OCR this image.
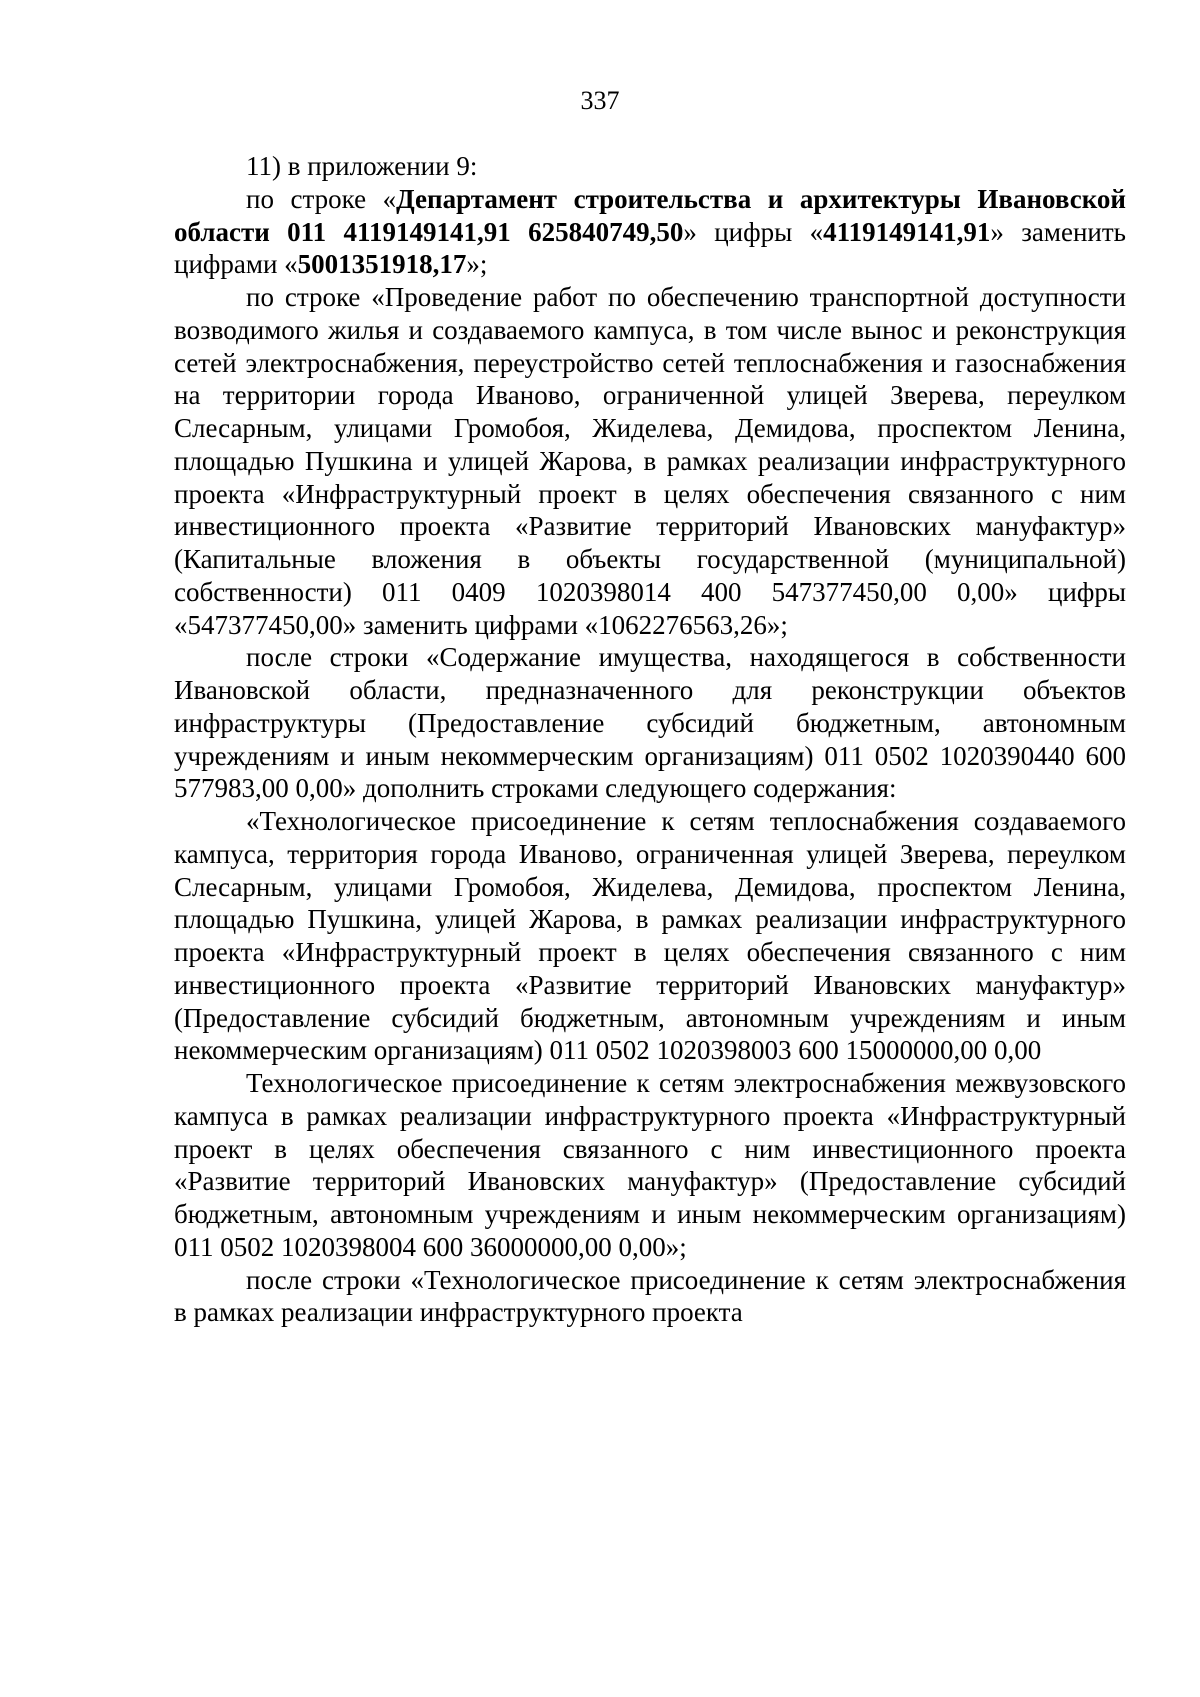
337

11) в приложении 9:

по строке «Департамент строительства и архитектуры Ивановской области 011 4119149141,91 625840749,50» цифры «4119149141,91» заменить цифрами «5001351918,17»;

по строке «Проведение работ по обеспечению транспортной доступности возводимого жилья и создаваемого кампуса, в том числе вынос и реконструкция сетей электроснабжения, переустройство сетей теплоснабжения и газоснабжения на территории города Иваново, ограниченной улицей Зверева, переулком Слесарным, улицами Громобоя, Жиделева, Демидова, проспектом Ленина, площадью Пушкина и улицей Жарова, в рамках реализации инфраструктурного проекта «Инфраструктурный проект в целях обеспечения связанного с ним инвестиционного проекта «Развитие территорий Ивановских мануфактур» (Капитальные вложения в объекты государственной (муниципальной) собственности) 011 0409 1020398014 400 547377450,00 0,00» цифры «547377450,00» заменить цифрами «1062276563,26»;

после строки «Содержание имущества, находящегося в собственности Ивановской области, предназначенного для реконструкции объектов инфраструктуры (Предоставление субсидий бюджетным, автономным учреждениям и иным некоммерческим организациям) 011 0502 1020390440 600 577983,00 0,00» дополнить строками следующего содержания:

«Технологическое присоединение к сетям теплоснабжения создаваемого кампуса, территория города Иваново, ограниченная улицей Зверева, переулком Слесарным, улицами Громобоя, Жиделева, Демидова, проспектом Ленина, площадью Пушкина, улицей Жарова, в рамках реализации инфраструктурного проекта «Инфраструктурный проект в целях обеспечения связанного с ним инвестиционного проекта «Развитие территорий Ивановских мануфактур» (Предоставление субсидий бюджетным, автономным учреждениям и иным некоммерческим организациям) 011 0502 1020398003 600 15000000,00 0,00

Технологическое присоединение к сетям электроснабжения межвузовского кампуса в рамках реализации инфраструктурного проекта «Инфраструктурный проект в целях обеспечения связанного с ним инвестиционного проекта «Развитие территорий Ивановских мануфактур» (Предоставление субсидий бюджетным, автономным учреждениям и иным некоммерческим организациям) 011 0502 1020398004 600 36000000,00 0,00»;

после строки «Технологическое присоединение к сетям электроснабжения в рамках реализации инфраструктурного проекта
